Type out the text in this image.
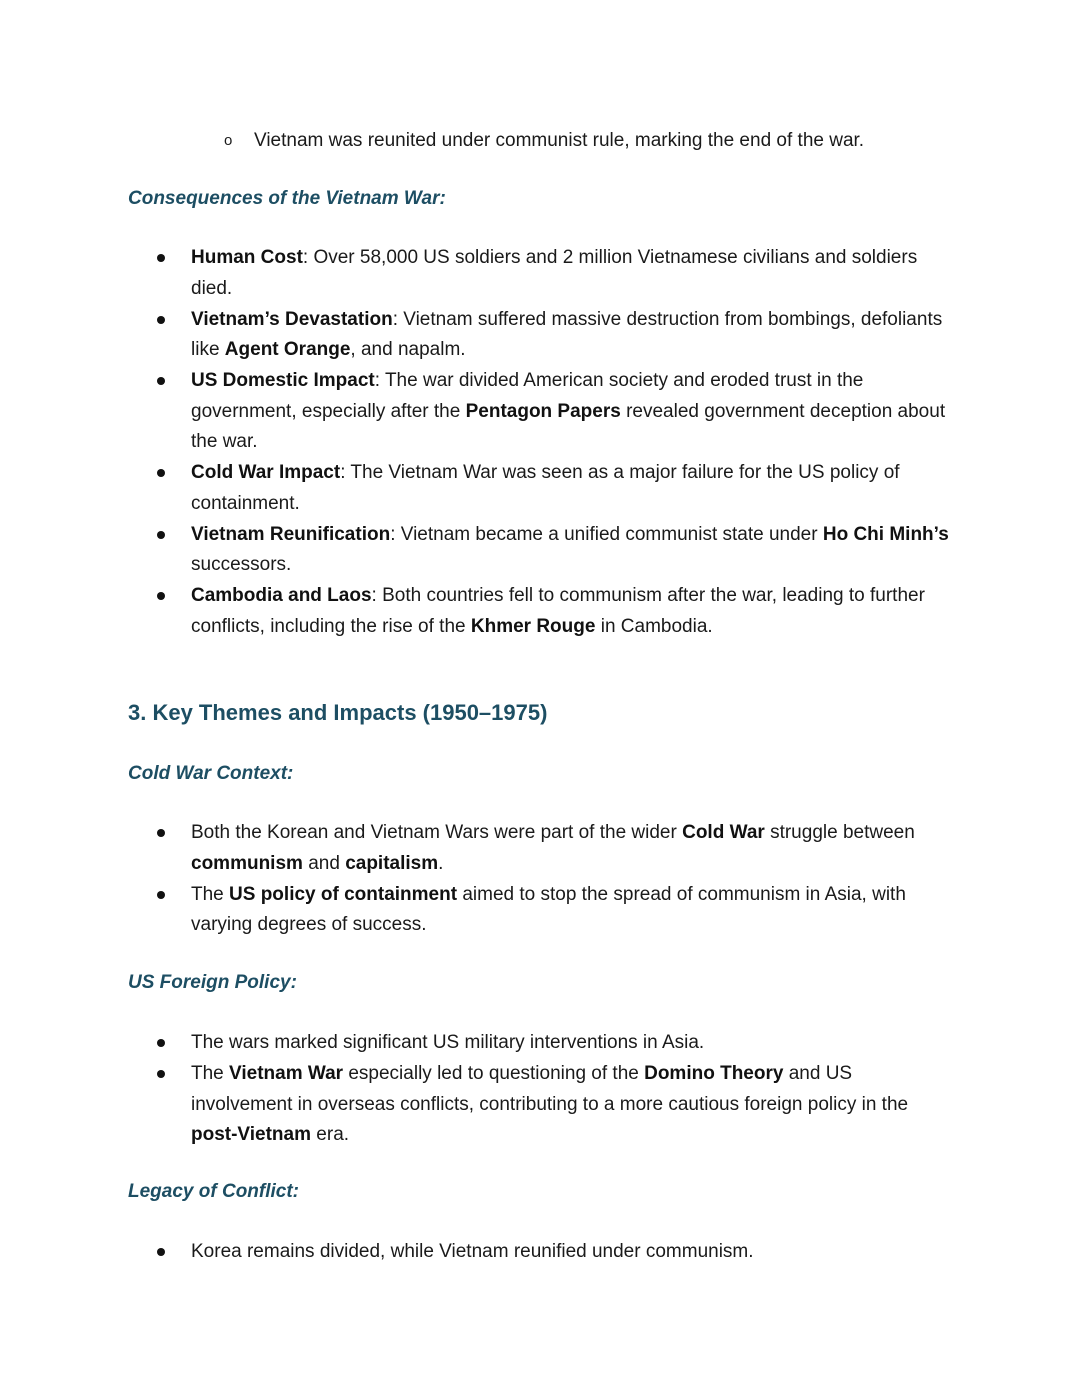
o Vietnam was reunited under communist rule, marking the end of the war.
Consequences of the Vietnam War:
Human Cost: Over 58,000 US soldiers and 2 million Vietnamese civilians and soldiers died.
Vietnam’s Devastation: Vietnam suffered massive destruction from bombings, defoliants like Agent Orange, and napalm.
US Domestic Impact: The war divided American society and eroded trust in the government, especially after the Pentagon Papers revealed government deception about the war.
Cold War Impact: The Vietnam War was seen as a major failure for the US policy of containment.
Vietnam Reunification: Vietnam became a unified communist state under Ho Chi Minh’s successors.
Cambodia and Laos: Both countries fell to communism after the war, leading to further conflicts, including the rise of the Khmer Rouge in Cambodia.
3. Key Themes and Impacts (1950–1975)
Cold War Context:
Both the Korean and Vietnam Wars were part of the wider Cold War struggle between communism and capitalism.
The US policy of containment aimed to stop the spread of communism in Asia, with varying degrees of success.
US Foreign Policy:
The wars marked significant US military interventions in Asia.
The Vietnam War especially led to questioning of the Domino Theory and US involvement in overseas conflicts, contributing to a more cautious foreign policy in the post-Vietnam era.
Legacy of Conflict:
Korea remains divided, while Vietnam reunified under communism.
